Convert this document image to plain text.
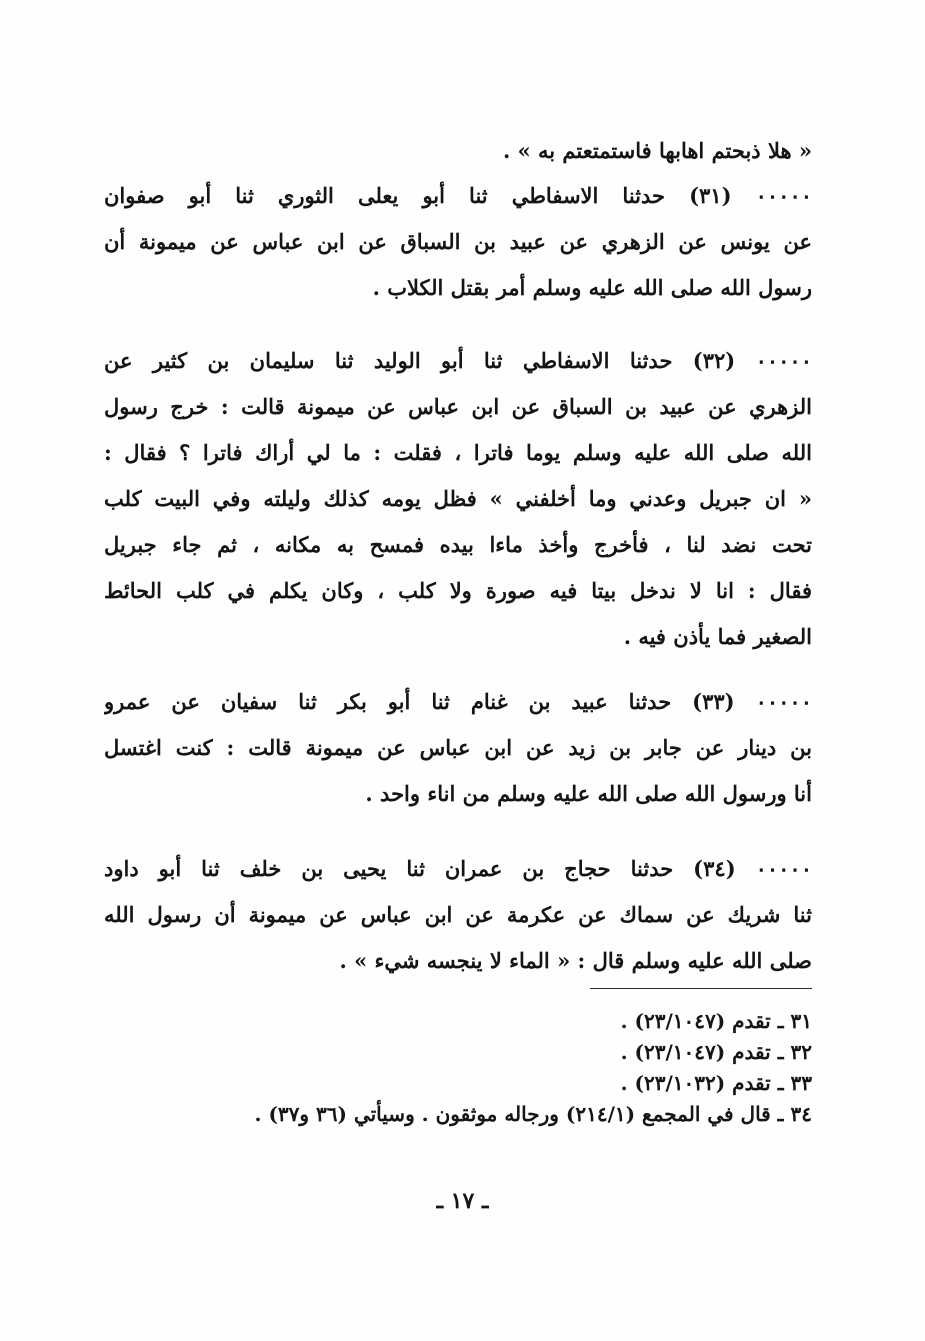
« هلا ذبحتم اهابها فاستمتعتم به » .
٠٠٠٠٠ (٣١) حدثنا الاسفاطي ثنا أبو يعلى الثوري ثنا أبو صفوان
عن يونس عن الزهري عن عبيد بن السباق عن ابن عباس عن ميمونة أن
رسول الله صلى الله عليه وسلم أمر بقتل الكلاب .
٠٠٠٠٠ (٣٢) حدثنا الاسفاطي ثنا أبو الوليد ثنا سليمان بن كثير عن
الزهري عن عبيد بن السباق عن ابن عباس عن ميمونة قالت : خرج رسول
الله صلى الله عليه وسلم يوما فاترا ، فقلت : ما لي أراك فاترا ؟ فقال :
« ان جبريل وعدني وما أخلفني » فظل يومه كذلك وليلته وفي البيت كلب
تحت نضد لنا ، فأخرج وأخذ ماءا بيده فمسح به مكانه ، ثم جاء جبريل
فقال : انا لا ندخل بيتا فيه صورة ولا كلب ، وكان يكلم في كلب الحائط
الصغير فما يأذن فيه .
٠٠٠٠٠ (٣٣) حدثنا عبيد بن غنام ثنا أبو بكر ثنا سفيان عن عمرو
بن دينار عن جابر بن زيد عن ابن عباس عن ميمونة قالت : كنت اغتسل
أنا ورسول الله صلى الله عليه وسلم من اناء واحد .
٠٠٠٠٠ (٣٤) حدثنا حجاج بن عمران ثنا يحيى بن خلف ثنا أبو داود
ثنا شريك عن سماك عن عكرمة عن ابن عباس عن ميمونة أن رسول الله
صلى الله عليه وسلم قال : « الماء لا ينجسه شيء » .
٣١ ـ تقدم (٢٣/١٠٤٧) .
٣٢ ـ تقدم (٢٣/١٠٤٧) .
٣٣ ـ تقدم (٢٣/١٠٣٢) .
٣٤ ـ قال في المجمع (٢١٤/١) ورجاله موثقون . وسيأتي (٣٦ و٣٧) .
ـ ١٧ ـ
